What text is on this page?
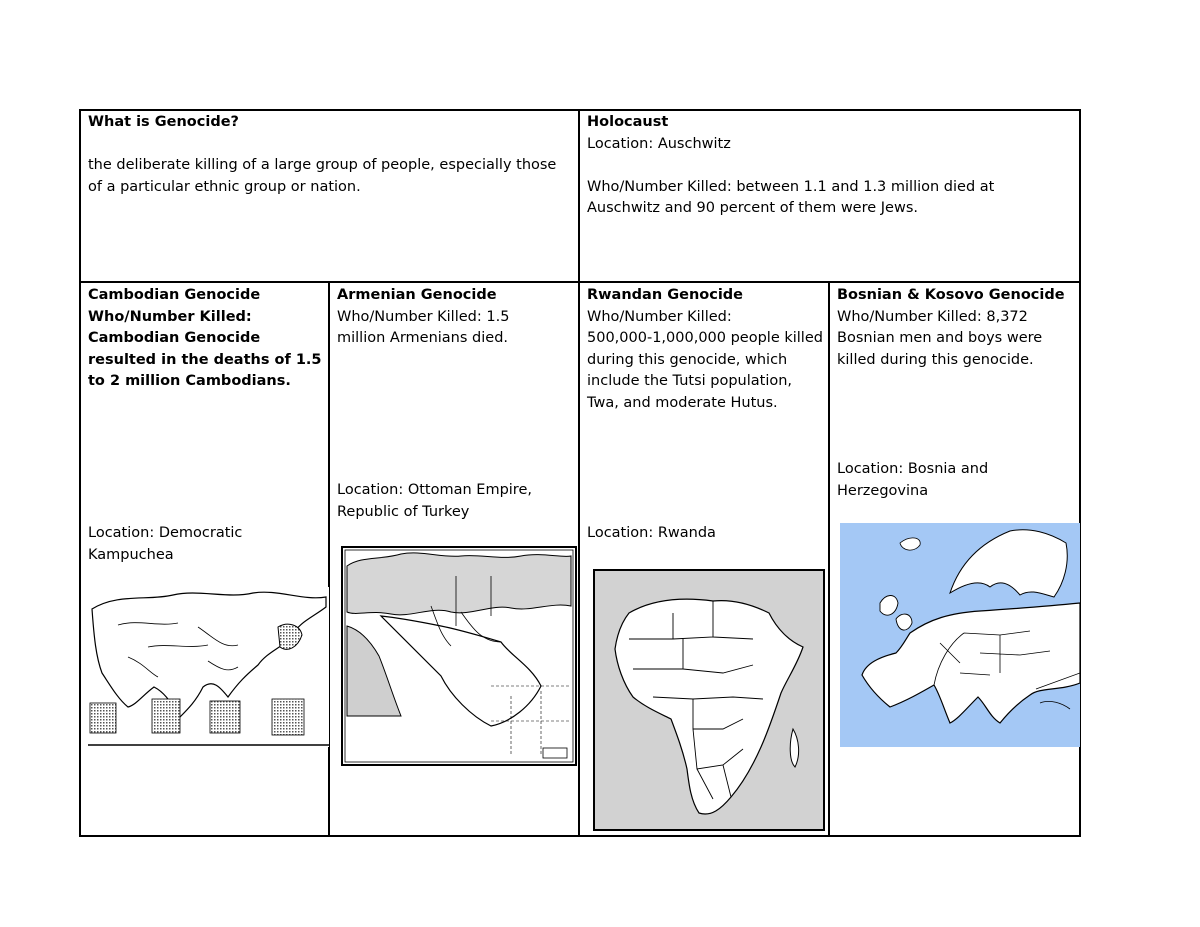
What is Genocide?

the deliberate killing of a large group of people, especially those of a particular ethnic group or nation.

Holocaust

Location: Auschwitz

Who/Number Killed: between 1.1 and 1.3 million died at Auschwitz and 90 percent of them were Jews.

Cambodian Genocide

Who/Number Killed:

Cambodian Genocide resulted in the deaths of 1.5 to 2 million Cambodians.

Location: Democratic Kampuchea

Armenian Genocide

Who/Number Killed: 1.5

million Armenians died.

Location: Ottoman Empire, Republic of Turkey

Rwandan Genocide

Who/Number Killed:

500,000-1,000,000 people killed during this genocide, which include the Tutsi population, Twa, and moderate Hutus.

Location: Rwanda

Bosnian & Kosovo Genocide

Who/Number Killed: 8,372

Bosnian men and boys were killed during this genocide.

Location: Bosnia and Herzegovina
